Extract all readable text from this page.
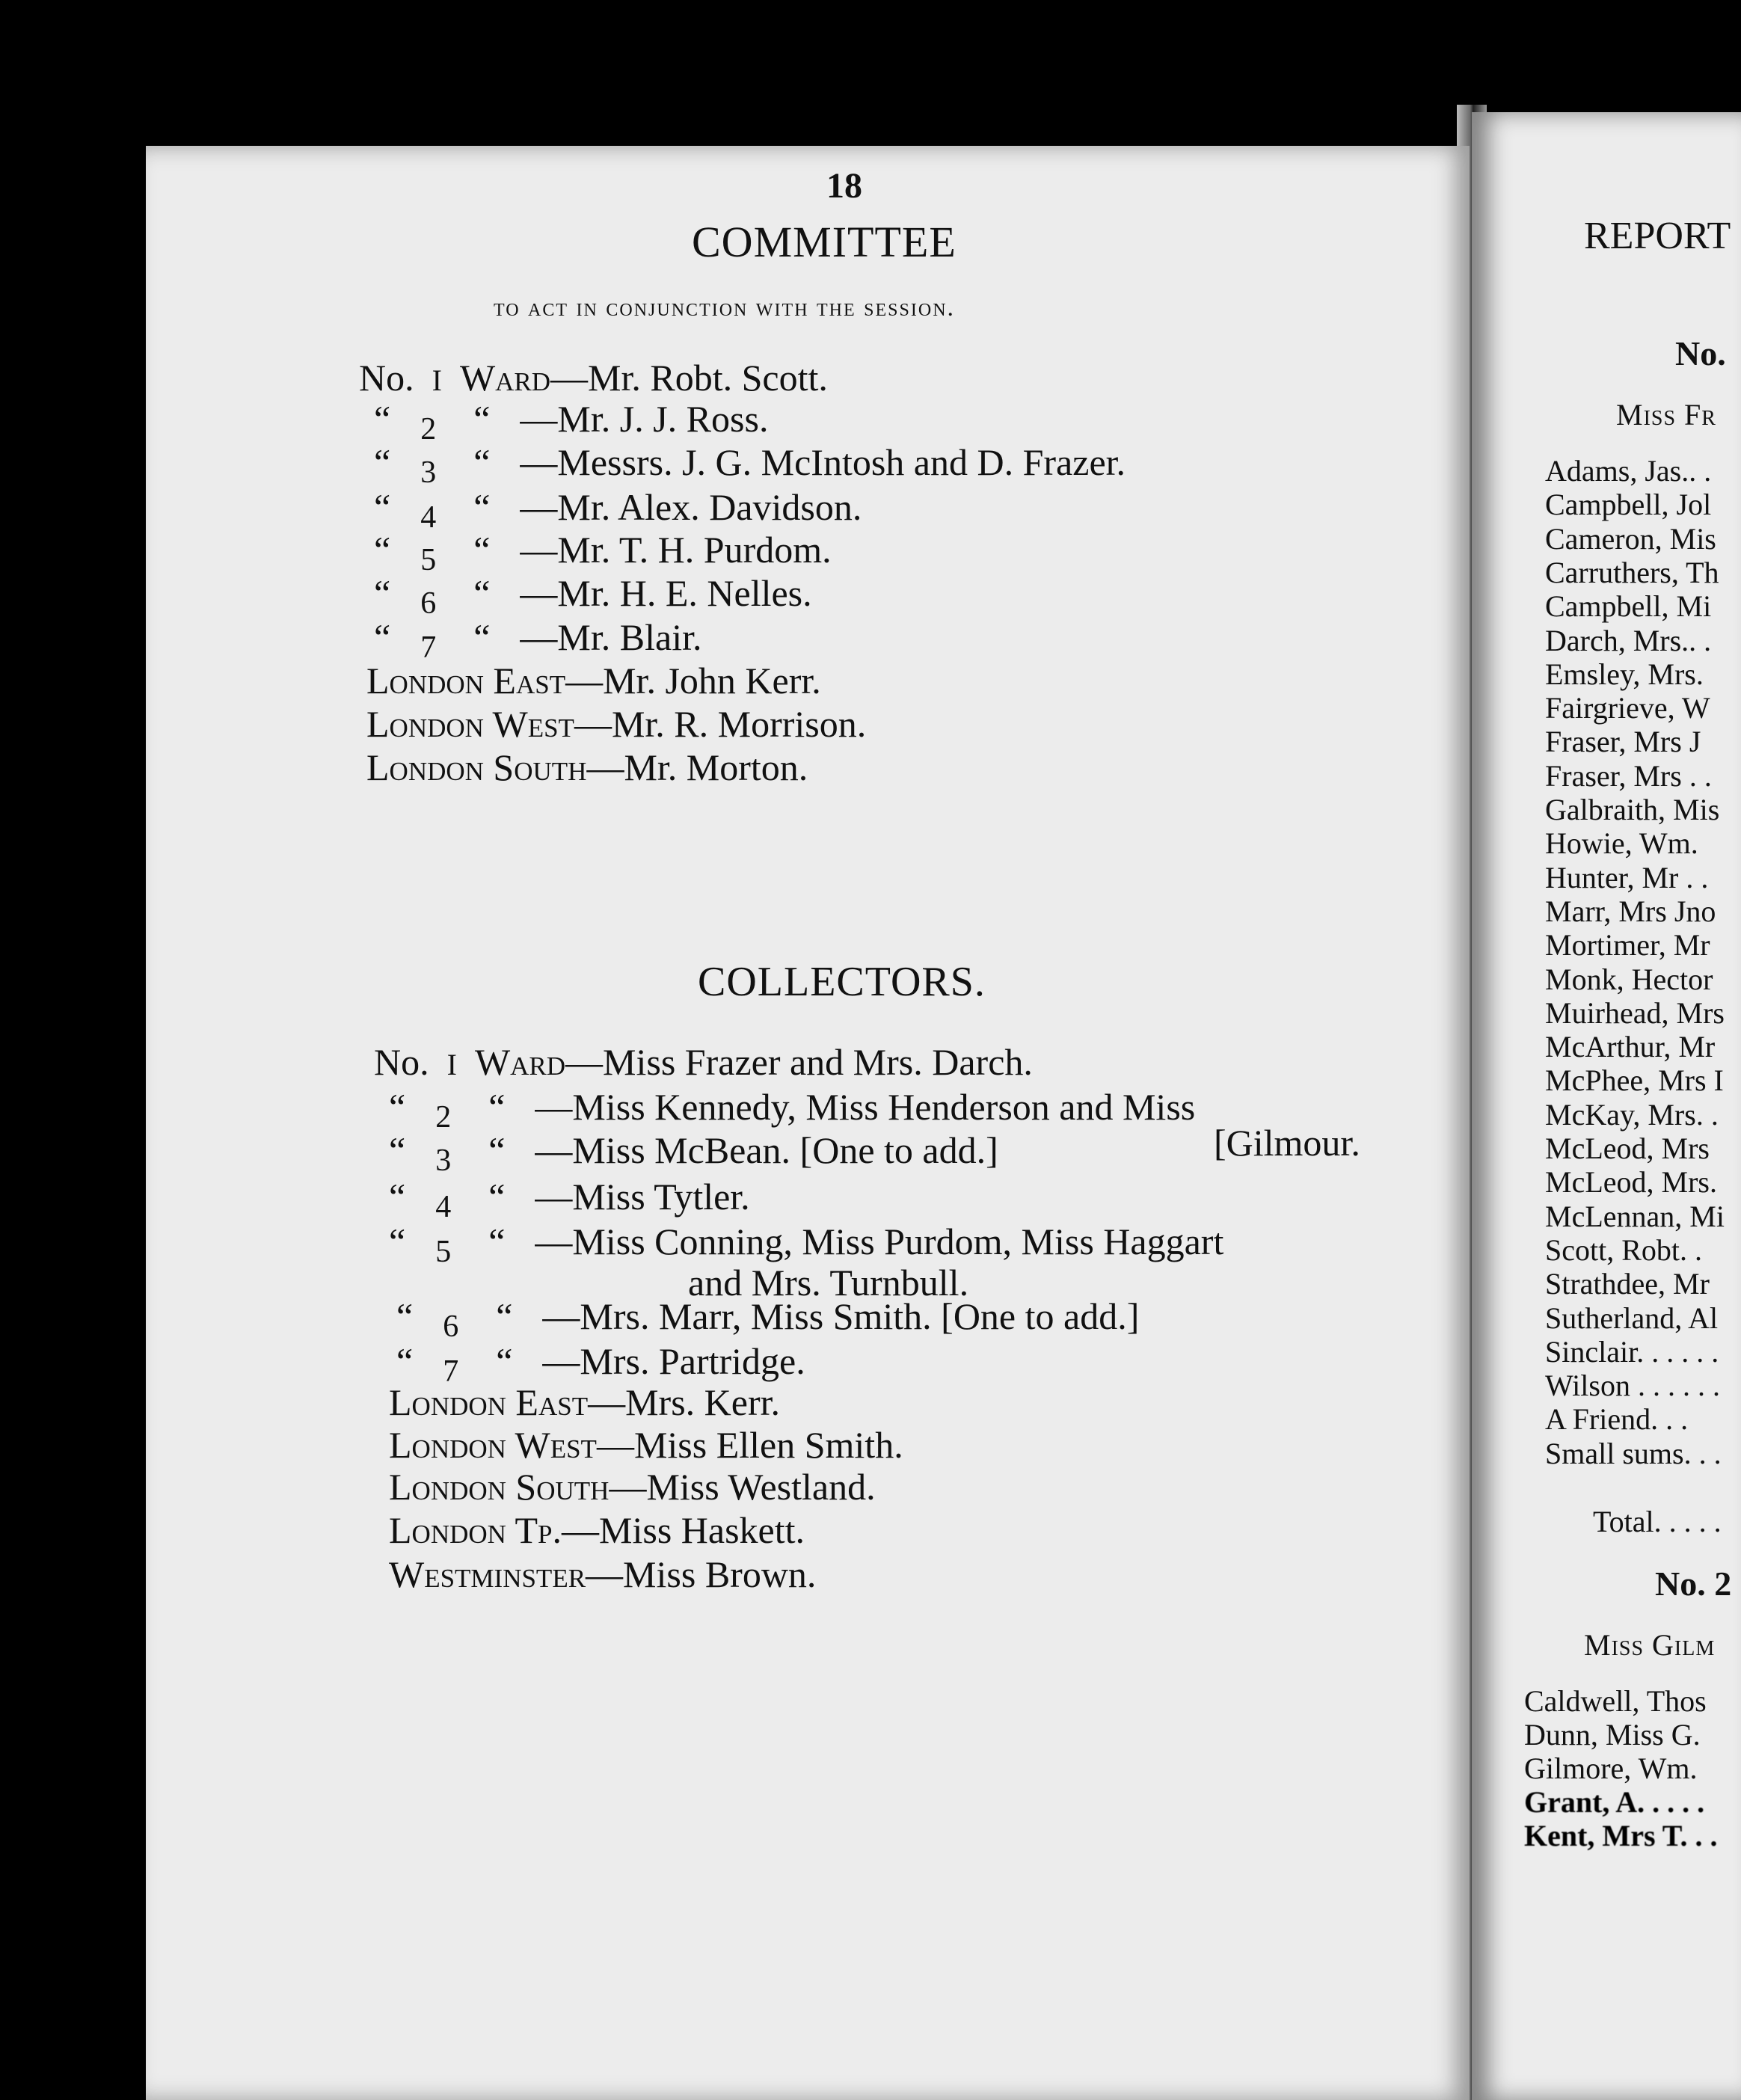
18
COMMITTEE
to act in conjunction with the session.
No. I Ward—Mr. Robt. Scott.
“ 2 “ —Mr. J. J. Ross.
“ 3 “ —Messrs. J. G. McIntosh and D. Frazer.
“ 4 “ —Mr. Alex. Davidson.
“ 5 “ —Mr. T. H. Purdom.
“ 6 “ —Mr. H. E. Nelles.
“ 7 “ —Mr. Blair.
London East—Mr. John Kerr.
London West—Mr. R. Morrison.
London South—Mr. Morton.
COLLECTORS.
No. I Ward—Miss Frazer and Mrs. Darch.
“ 2 “ —Miss Kennedy, Miss Henderson and Miss
“ 3 “ —Miss McBean. [One to add.]	[Gilmour.
“ 4 “ —Miss Tytler.
“ 5 “ —Miss Conning, Miss Purdom, Miss Haggart
and Mrs. Turnbull.
“ 6 “ —Mrs. Marr, Miss Smith. [One to add.]
“ 7 “ —Mrs. Partridge.
London East—Mrs. Kerr.
London West—Miss Ellen Smith.
London South—Miss Westland.
London Tp.—Miss Haskett.
Westminster—Miss Brown.
REPORT
No.
Miss Fr
Adams, Jas.. .
Campbell, Jol
Cameron, Mis
Carruthers, Th
Campbell, Mi
Darch, Mrs.. .
Emsley, Mrs.
Fairgrieve, W
Fraser, Mrs J
Fraser, Mrs . .
Galbraith, Mis
Howie, Wm.
Hunter, Mr . .
Marr, Mrs Jno
Mortimer, Mr
Monk, Hector
Muirhead, Mrs
McArthur, Mr
McPhee, Mrs I
McKay, Mrs. .
McLeod, Mrs
McLeod, Mrs.
McLennan, Mi
Scott, Robt. .
Strathdee, Mr
Sutherland, Al
Sinclair. . . . . .
Wilson . . . . . .
A Friend. . .
Small sums. . .
Total. . . . .
No. 2
Miss Gilm
Caldwell, Thos
Dunn, Miss G.
Gilmore, Wm.
Grant, A. . . . .
Kent, Mrs T. . .
